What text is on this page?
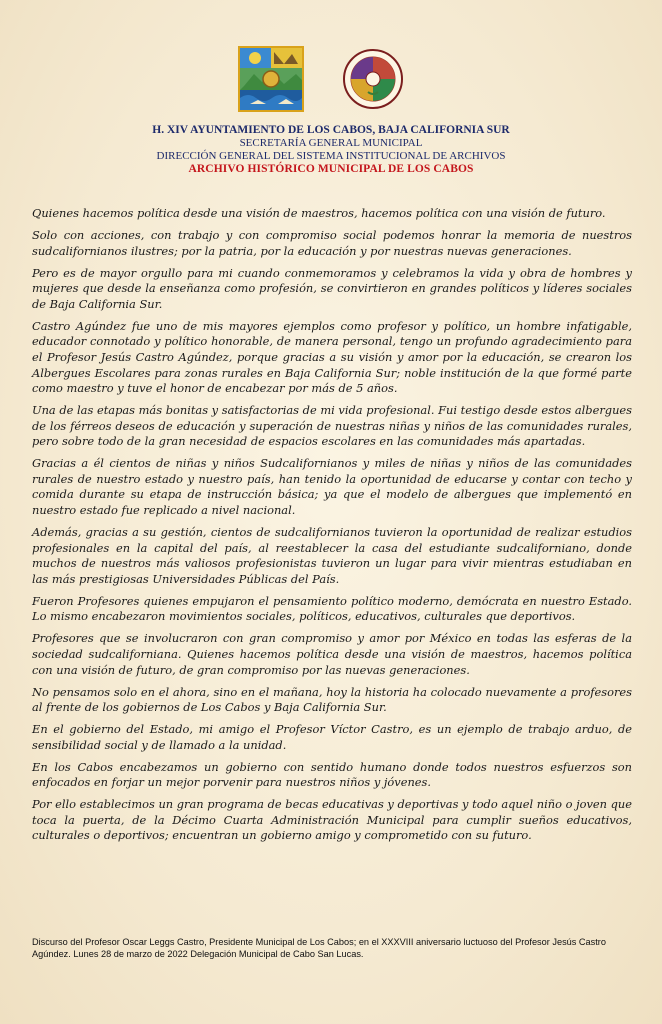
H. XIV AYUNTAMIENTO DE LOS CABOS, BAJA CALIFORNIA SUR
SECRETARÍA GENERAL MUNICIPAL
DIRECCIÓN GENERAL DEL SISTEMA INSTITUCIONAL DE ARCHIVOS
ARCHIVO HISTÓRICO MUNICIPAL DE LOS CABOS

Quienes hacemos política desde una visión de maestros, hacemos política con una visión de futuro.

Solo con acciones, con trabajo y con compromiso social podemos honrar la memoria de nuestros sudcalifornianos ilustres; por la patria, por la educación y por nuestras nuevas generaciones.

Pero es de mayor orgullo para mi cuando conmemoramos y celebramos la vida y obra de hombres y mujeres que desde la enseñanza como profesión, se convirtieron en grandes políticos y líderes sociales de Baja California Sur.

Castro Agúndez fue uno de mis mayores ejemplos como profesor y político, un hombre infatigable, educador connotado y político honorable, de manera personal, tengo un profundo agradecimiento para el Profesor Jesús Castro Agúndez, porque gracias a su visión y amor por la educación, se crearon los Albergues Escolares para zonas rurales en Baja California Sur; noble institución de la que formé parte como maestro y tuve el honor de encabezar por más de 5 años.

Una de las etapas más bonitas y satisfactorias de mi vida profesional. Fui testigo desde estos albergues de los férreos deseos de educación y superación de nuestras niñas y niños de las comunidades rurales, pero sobre todo de la gran necesidad de espacios escolares en las comunidades más apartadas.

Gracias a él cientos de niñas y niños Sudcalifornianos y miles de niñas y niños de las comunidades rurales de nuestro estado y nuestro país, han tenido la oportunidad de educarse y contar con techo y comida durante su etapa de instrucción básica; ya que el modelo de albergues que implementó en nuestro estado fue replicado a nivel nacional.

Además, gracias a su gestión, cientos de sudcalifornianos tuvieron la oportunidad de realizar estudios profesionales en la capital del país, al reestablecer la casa del estudiante sudcaliforniano, donde muchos de nuestros más valiosos profesionistas tuvieron un lugar para vivir mientras estudiaban en las más prestigiosas Universidades Públicas del País.

Fueron Profesores quienes empujaron el pensamiento político moderno, demócrata en nuestro Estado. Lo mismo encabezaron movimientos sociales, políticos, educativos, culturales que deportivos.

Profesores que se involucraron con gran compromiso y amor por México en todas las esferas de la sociedad sudcaliforniana. Quienes hacemos política desde una visión de maestros, hacemos política con una visión de futuro, de gran compromiso por las nuevas generaciones.

No pensamos solo en el ahora, sino en el mañana, hoy la historia ha colocado nuevamente a profesores al frente de los gobiernos de Los Cabos y Baja California Sur.

En el gobierno del Estado, mi amigo el Profesor Víctor Castro, es un ejemplo de trabajo arduo, de sensibilidad social y de llamado a la unidad.

En los Cabos encabezamos un gobierno con sentido humano donde todos nuestros esfuerzos son enfocados en forjar un mejor porvenir para nuestros niños y jóvenes.

Por ello establecimos un gran programa de becas educativas y deportivas y todo aquel niño o joven que toca la puerta, de la Décimo Cuarta Administración Municipal para cumplir sueños educativos, culturales o deportivos; encuentran un gobierno amigo y comprometido con su futuro.

Discurso del Profesor Oscar Leggs Castro, Presidente Municipal de Los Cabos; en el XXXVIII aniversario luctuoso del Profesor Jesús Castro Agúndez. Lunes 28 de marzo de 2022 Delegación Municipal de Cabo San Lucas.
